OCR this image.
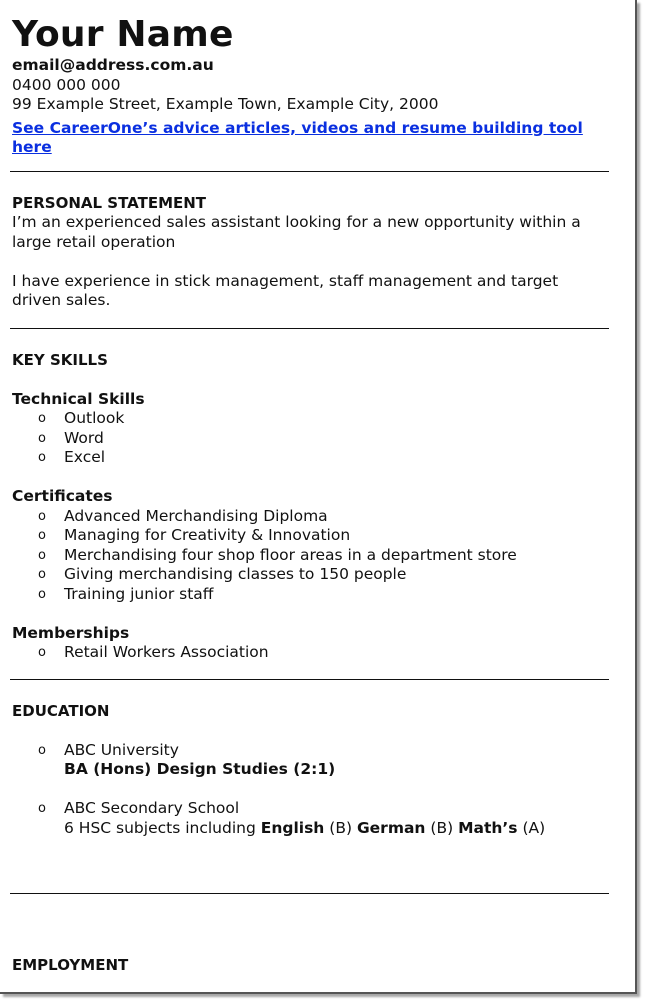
Your Name
email@address.com.au
0400 000 000
99 Example Street, Example Town, Example City, 2000
See CareerOne’s advice articles, videos and resume building tool here
PERSONAL STATEMENT
I’m an experienced sales assistant looking for a new opportunity within a large retail operation
I have experience in stick management, staff management and target driven sales.
KEY SKILLS
Technical Skills
o Outlook
o Word
o Excel
Certificates
o Advanced Merchandising Diploma
o Managing for Creativity & Innovation
o Merchandising four shop floor areas in a department store
o Giving merchandising classes to 150 people
o Training junior staff
Memberships
o Retail Workers Association
EDUCATION
o ABC University
BA (Hons) Design Studies (2:1)
o ABC Secondary School
6 HSC subjects including English (B) German (B) Math’s (A)
EMPLOYMENT
